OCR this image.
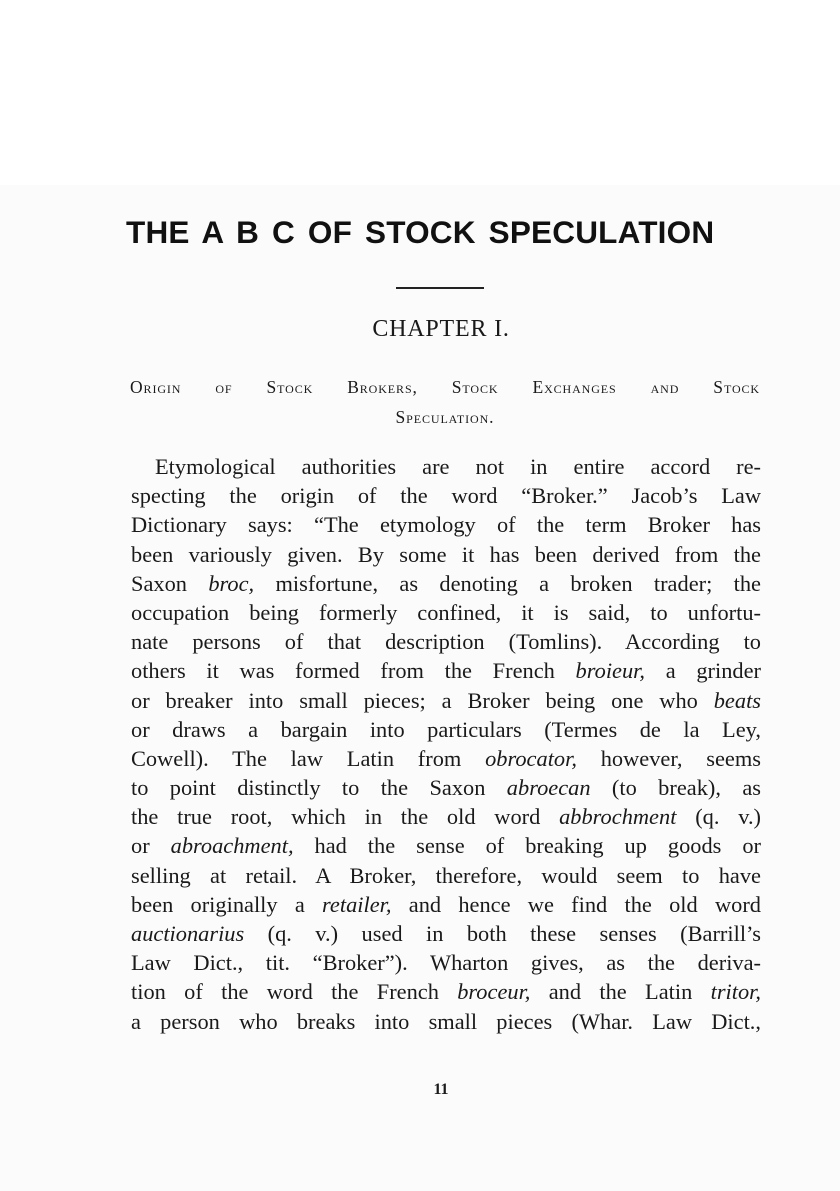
THE A B C OF STOCK SPECULATION
CHAPTER I.
Origin of Stock Brokers, Stock Exchanges and Stock
Speculation.
Etymological authorities are not in entire accord re-
specting the origin of the word “Broker.” Jacob’s Law
Dictionary says: “The etymology of the term Broker has
been variously given. By some it has been derived from the
Saxon broc, misfortune, as denoting a broken trader; the
occupation being formerly confined, it is said, to unfortu-
nate persons of that description (Tomlins). According to
others it was formed from the French broieur, a grinder
or breaker into small pieces; a Broker being one who beats
or draws a bargain into particulars (Termes de la Ley,
Cowell). The law Latin from obrocator, however, seems
to point distinctly to the Saxon abroecan (to break), as
the true root, which in the old word abbrochment (q. v.)
or abroachment, had the sense of breaking up goods or
selling at retail. A Broker, therefore, would seem to have
been originally a retailer, and hence we find the old word
auctionarius (q. v.) used in both these senses (Barrill’s
Law Dict., tit. “Broker”). Wharton gives, as the deriva-
tion of the word the French broceur, and the Latin tritor,
a person who breaks into small pieces (Whar. Law Dict.,
11
